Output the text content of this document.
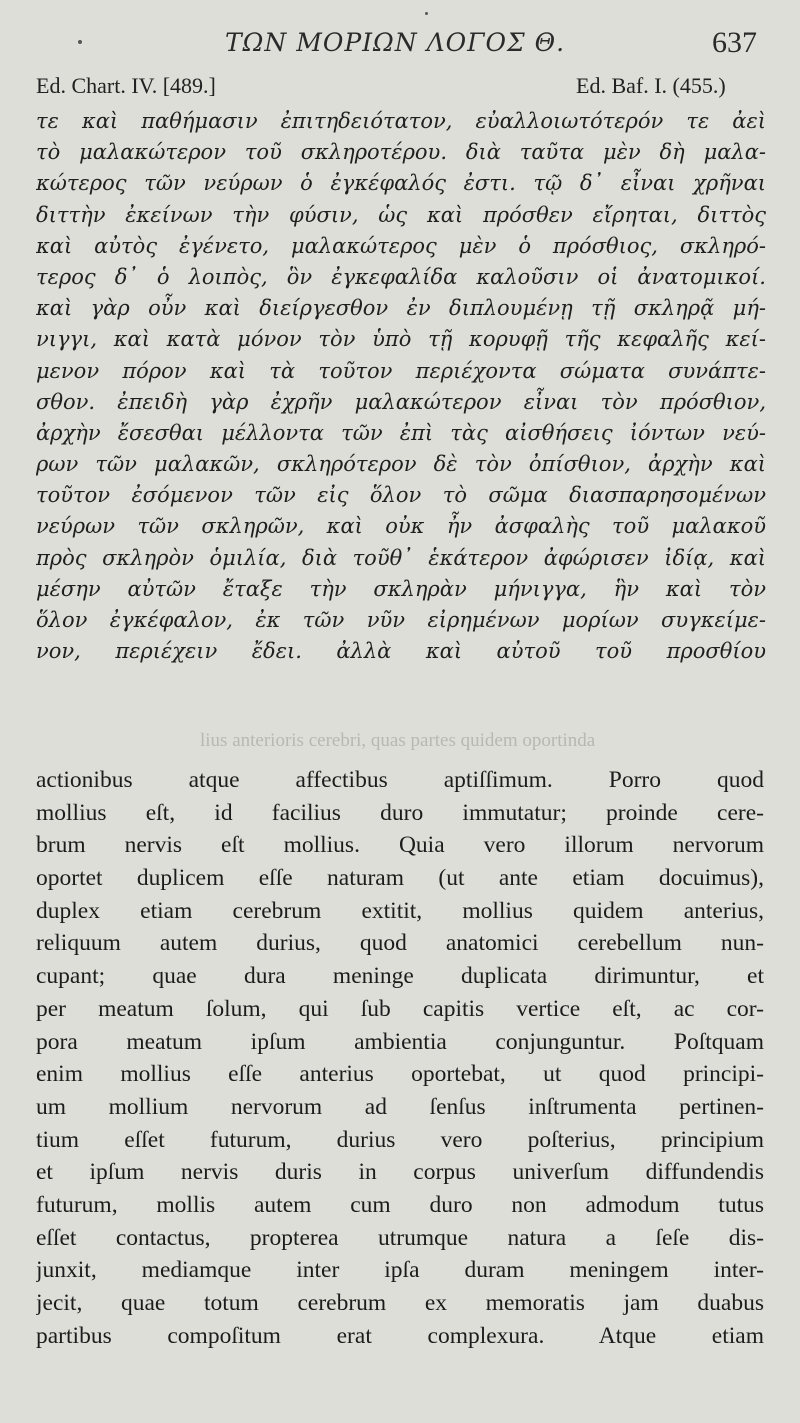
ΤΩΝ ΜΟΡΙΩΝ ΛΟΓΟΣ Θ.	637
Ed. Chart. IV. [489.]	Ed. Baf. I. (455.)
τε καὶ παθήμασιν ἐπιτηδειότατον, εὐαλλοιωτότερόν τε ἀεὶ
τὸ μαλακώτερον τοῦ σκληροτέρου. διὰ ταῦτα μὲν δὴ μαλα-
κώτερος τῶν νεύρων ὁ ἐγκέφαλός ἐστι. τῷ δ᾿ εἶναι χρῆναι
διττὴν ἐκείνων τὴν φύσιν, ὡς καὶ πρόσθεν εἴρηται, διττὸς
καὶ αὐτὸς ἐγένετο, μαλακώτερος μὲν ὁ πρόσθιος, σκληρό-
τερος δ᾿ ὁ λοιπὸς, ὃν ἐγκεφαλίδα καλοῦσιν οἱ ἀνατομικοί.
καὶ γὰρ οὖν καὶ διείργεσθον ἐν διπλουμένῃ τῇ σκληρᾷ μή-
νιγγι, καὶ κατὰ μόνον τὸν ὑπὸ τῇ κορυφῇ τῆς κεφαλῆς κεί-
μενον πόρον καὶ τὰ τοῦτον περιέχοντα σώματα συνάπτε-
σθον. ἐπειδὴ γὰρ ἐχρῆν μαλακώτερον εἶναι τὸν πρόσθιον,
ἀρχὴν ἔσεσθαι μέλλοντα τῶν ἐπὶ τὰς αἰσθήσεις ἰόντων νεύ-
ρων τῶν μαλακῶν, σκληρότερον δὲ τὸν ὀπίσθιον, ἀρχὴν καὶ
τοῦτον ἐσόμενον τῶν εἰς ὅλον τὸ σῶμα διασπαρησομένων
νεύρων τῶν σκληρῶν, καὶ οὐκ ἦν ἀσφαλὴς τοῦ μαλακοῦ
πρὸς σκληρὸν ὁμιλία, διὰ τοῦθ᾿ ἑκάτερον ἀφώρισεν ἰδίᾳ, καὶ
μέσην αὐτῶν ἔταξε τὴν σκληρὰν μήνιγγα, ἣν καὶ τὸν
ὅλον ἐγκέφαλον, ἐκ τῶν νῦν εἰρημένων μορίων συγκείμε-
νον, περιέχειν ἔδει. ἀλλὰ καὶ αὐτοῦ τοῦ προσθίου
lius anterioris cerebri, quas partes quidem oportinda
actionibus atque affectibus aptiſſimum. Porro quod
mollius eſt, id facilius duro immutatur; proinde cere-
brum nervis eſt mollius. Quia vero illorum nervorum
oportet duplicem eſſe naturam (ut ante etiam docuimus),
duplex etiam cerebrum extitit, mollius quidem anterius,
reliquum autem durius, quod anatomici cerebellum nun-
cupant; quae dura meninge duplicata dirimuntur, et
per meatum ſolum, qui ſub capitis vertice eſt, ac cor-
pora meatum ipſum ambientia conjunguntur. Poſtquam
enim mollius eſſe anterius oportebat, ut quod principi-
um mollium nervorum ad ſenſus inſtrumenta pertinen-
tium eſſet futurum, durius vero poſterius, principium
et ipſum nervis duris in corpus univerſum diffundendis
futurum, mollis autem cum duro non admodum tutus
eſſet contactus, propterea utrumque natura a ſeſe dis-
junxit, mediamque inter ipſa duram meningem inter-
jecit, quae totum cerebrum ex memoratis jam duabus
partibus compoſitum erat complexura. Atque etiam
